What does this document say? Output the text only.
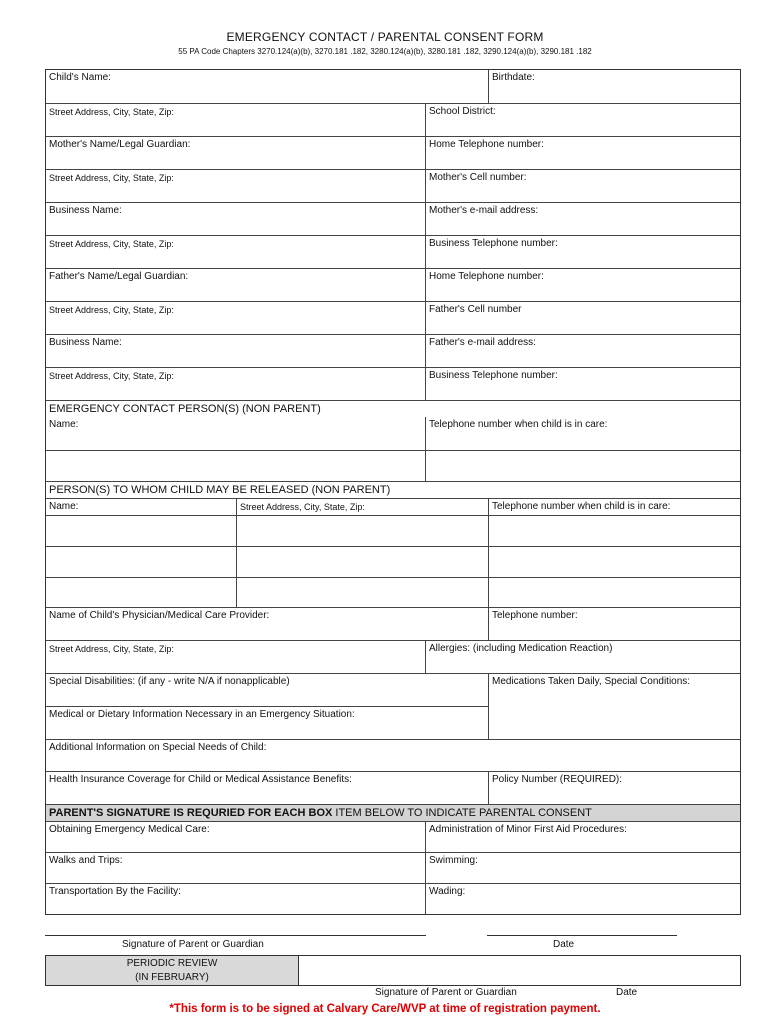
EMERGENCY CONTACT / PARENTAL CONSENT FORM
55 PA Code Chapters 3270.124(a)(b), 3270.181 .182, 3280.124(a)(b), 3280.181 .182, 3290.124(a)(b), 3290.181 .182
Child's Name:	Birthdate:
Street Address, City, State, Zip:	School District:
Mother's Name/Legal Guardian:	Home Telephone number:
Street Address, City, State, Zip:	Mother's Cell number:
Business Name:	Mother's e-mail address:
Street Address, City, State, Zip:	Business Telephone number:
Father's Name/Legal Guardian:	Home Telephone number:
Street Address, City, State, Zip:	Father's Cell number
Business Name:	Father's e-mail address:
Street Address, City, State, Zip:	Business Telephone number:
EMERGENCY CONTACT PERSON(S) (NON PARENT)
Name:	Telephone number when child is in care:
PERSON(S) TO WHOM CHILD MAY BE RELEASED (NON PARENT)
Name:	Street Address, City, State, Zip:	Telephone number when child is in care:
Name of Child's Physician/Medical Care Provider:	Telephone number:
Street Address, City, State, Zip:	Allergies: (including Medication Reaction)
Special Disabilities: (if any - write N/A if nonapplicable)	Medications Taken Daily, Special Conditions:
Medical or Dietary Information Necessary in an Emergency Situation:
Additional Information on Special Needs of Child:
Health Insurance Coverage for Child or Medical Assistance Benefits:	Policy Number (REQUIRED):
PARENT'S SIGNATURE IS REQURIED FOR EACH BOX ITEM BELOW TO INDICATE PARENTAL CONSENT
Obtaining Emergency Medical Care:	Administration of Minor First Aid Procedures:
Walks and Trips:	Swimming:
Transportation By the Facility:	Wading:
Signature of Parent or Guardian	Date
PERIODIC REVIEW
(IN FEBRUARY)
Signature of Parent or Guardian	Date
*This form is to be signed at Calvary Care/WVP at time of registration payment.
